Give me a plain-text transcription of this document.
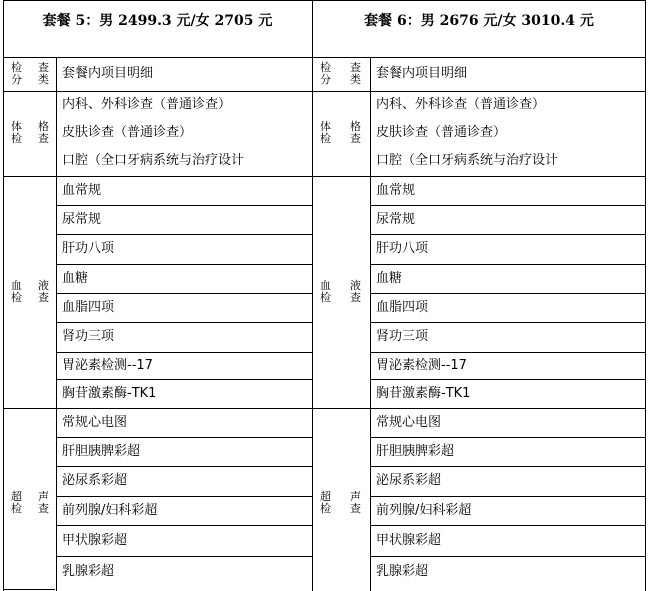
套餐 5：男 2499.3 元/女 2705 元
检
分
查
类 套餐内项目明细
体
检
格
查
内科、外科诊查（普通诊查）
皮肤诊查（普通诊查）
口腔（全口牙病系统与治疗设计
血
检
液
查
血常规
尿常规
肝功八项
血糖
血脂四项
肾功三项
胃泌素检测--17
胸苷激素酶-TK1
超
检
声
查
常规心电图
肝胆胰脾彩超
泌尿系彩超
前列腺/妇科彩超
甲状腺彩超
乳腺彩超
套餐 6：男 2676 元/女 3010.4 元
检
分
查
类 套餐内项目明细
体
检
格
查
内科、外科诊查（普通诊查）
皮肤诊查（普通诊查）
口腔（全口牙病系统与治疗设计
血
检
液
查
血常规
尿常规
肝功八项
血糖
血脂四项
肾功三项
胃泌素检测--17
胸苷激素酶-TK1
超
检
声
查
常规心电图
肝胆胰脾彩超
泌尿系彩超
前列腺/妇科彩超
甲状腺彩超
乳腺彩超
